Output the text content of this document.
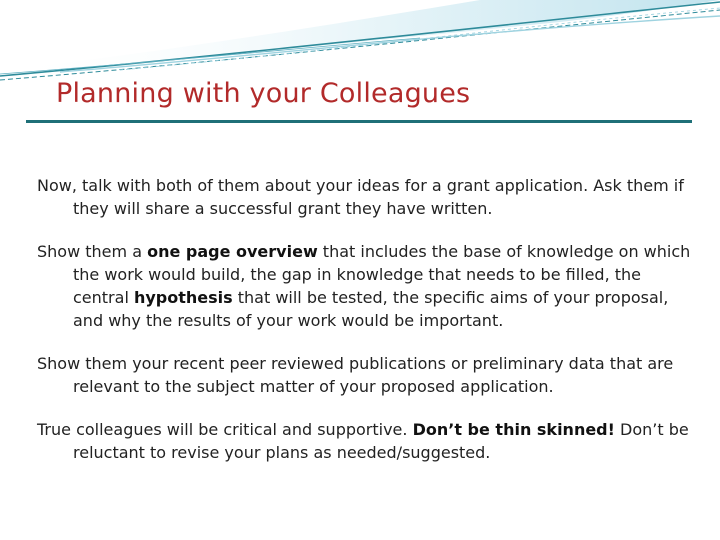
Planning with your Colleagues

Now, talk with both of them about your ideas for a grant application. Ask them if they will share a successful grant they have written.

Show them a one page overview that includes the base of knowledge on which the work would build, the gap in knowledge that needs to be filled, the central hypothesis that will be tested, the specific aims of your proposal, and why the results of your work would be important.

Show them your recent peer reviewed publications or preliminary data that are relevant to the subject matter of your proposed application.

True colleagues will be critical and supportive. Don’t be thin skinned! Don’t be reluctant to revise your plans as needed/suggested.
